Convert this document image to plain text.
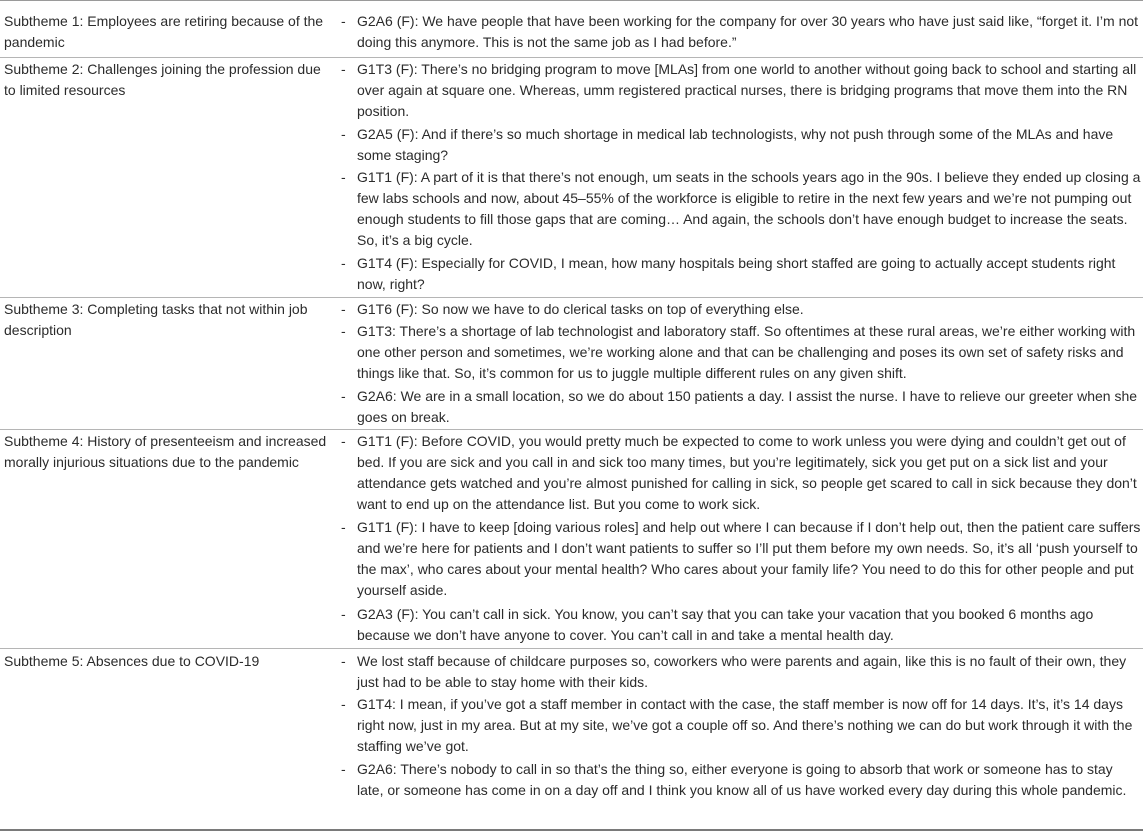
Subtheme 1: Employees are retiring because of the pandemic
- G2A6 (F): We have people that have been working for the company for over 30 years who have just said like, “forget it. I’m not doing this anymore. This is not the same job as I had before.”
Subtheme 2: Challenges joining the profession due to limited resources
- G1T3 (F): There’s no bridging program to move [MLAs] from one world to another without going back to school and starting all over again at square one. Whereas, umm registered practical nurses, there is bridging programs that move them into the RN position.
- G2A5 (F): And if there’s so much shortage in medical lab technologists, why not push through some of the MLAs and have some staging?
- G1T1 (F): A part of it is that there’s not enough, um seats in the schools years ago in the 90s. I believe they ended up closing a few labs schools and now, about 45–55% of the workforce is eligible to retire in the next few years and we’re not pumping out enough students to fill those gaps that are coming… And again, the schools don’t have enough budget to increase the seats. So, it’s a big cycle.
- G1T4 (F): Especially for COVID, I mean, how many hospitals being short staffed are going to actually accept students right now, right?
Subtheme 3: Completing tasks that not within job description
- G1T6 (F): So now we have to do clerical tasks on top of everything else.
- G1T3: There’s a shortage of lab technologist and laboratory staff. So oftentimes at these rural areas, we’re either working with one other person and sometimes, we’re working alone and that can be challenging and poses its own set of safety risks and things like that. So, it’s common for us to juggle multiple different rules on any given shift.
- G2A6: We are in a small location, so we do about 150 patients a day. I assist the nurse. I have to relieve our greeter when she goes on break.
Subtheme 4: History of presenteeism and increased morally injurious situations due to the pandemic
- G1T1 (F): Before COVID, you would pretty much be expected to come to work unless you were dying and couldn’t get out of bed. If you are sick and you call in and sick too many times, but you’re legitimately, sick you get put on a sick list and your attendance gets watched and you’re almost punished for calling in sick, so people get scared to call in sick because they don’t want to end up on the attendance list. But you come to work sick.
- G1T1 (F): I have to keep [doing various roles] and help out where I can because if I don’t help out, then the patient care suffers and we’re here for patients and I don’t want patients to suffer so I’ll put them before my own needs. So, it’s all ‘push yourself to the max’, who cares about your mental health? Who cares about your family life? You need to do this for other people and put yourself aside.
- G2A3 (F): You can’t call in sick. You know, you can’t say that you can take your vacation that you booked 6 months ago because we don’t have anyone to cover. You can’t call in and take a mental health day.
Subtheme 5: Absences due to COVID-19	- We lost staff because of childcare purposes so, coworkers who were parents and again, like this is no fault of their own, they just had to be able to stay home with their kids.
- G1T4: I mean, if you’ve got a staff member in contact with the case, the staff member is now off for 14 days. It’s, it’s 14 days right now, just in my area. But at my site, we’ve got a couple off so. And there’s nothing we can do but work through it with the staffing we’ve got.
- G2A6: There’s nobody to call in so that’s the thing so, either everyone is going to absorb that work or someone has to stay late, or someone has come in on a day off and I think you know all of us have worked every day during this whole pandemic.
